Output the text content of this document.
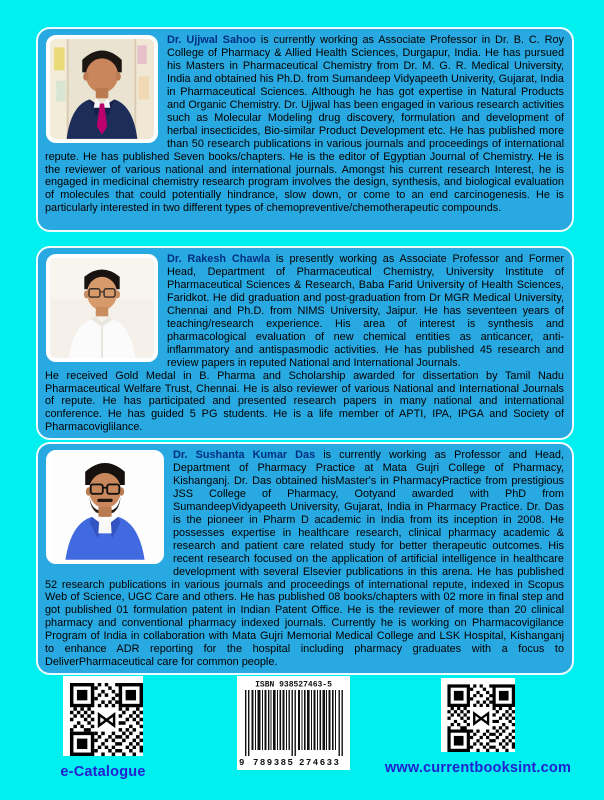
Dr. Ujjwal Sahoo is currently working as Associate Professor in Dr. B. C. Roy College of Pharmacy & Allied Health Sciences, Durgapur, India. He has pursued his Masters in Pharmaceutical Chemistry from Dr. M. G. R. Medical University, India and obtained his Ph.D. from Sumandeep Vidyapeeth Univerity, Gujarat, India in Pharmaceutical Sciences. Although he has got expertise in Natural Products and Organic Chemistry. Dr. Ujjwal has been engaged in various research activities such as Molecular Modeling drug discovery, formulation and development of herbal insecticides, Bio-similar Product Development etc. He has published more than 50 research publications in various journals and proceedings of international repute. He has published Seven books/chapters. He is the editor of Egyptian Journal of Chemistry. He is the reviewer of various national and international journals. Amongst his current research Interest, he is engaged in medicinal chemistry research program involves the design, synthesis, and biological evaluation of molecules that could potentially hindrance, slow down, or come to an end carcinogenesis. He is particularly interested in two different types of chemopreventive/chemotherapeutic compounds.

Dr. Rakesh Chawla is presently working as Associate Professor and Former Head, Department of Pharmaceutical Chemistry, University Institute of Pharmaceutical Sciences & Research, Baba Farid University of Health Sciences, Faridkot. He did graduation and post-graduation from Dr MGR Medical University, Chennai and Ph.D. from NIMS University, Jaipur. He has seventeen years of teaching/research experience. His area of interest is synthesis and pharmacological evaluation of new chemical entities as anticancer, anti-inflammatory and antispasmodic activities. He has published 45 research and review papers in reputed National and International Journals.

He received Gold Medal in B. Pharma and Scholarship awarded for dissertation by Tamil Nadu Pharmaceutical Welfare Trust, Chennai. He is also reviewer of various National and International Journals of repute. He has participated and presented research papers in many national and international conference. He has guided 5 PG students. He is a life member of APTI, IPA, IPGA and Society of Pharmacoviglilance.

Dr. Sushanta Kumar Das is currently working as Professor and Head, Department of Pharmacy Practice at Mata Gujri College of Pharmacy, Kishanganj. Dr. Das obtained hisMaster's in PharmacyPractice from prestigious JSS College of Pharmacy, Ootyand awarded with PhD from SumandeepVidyapeeth University, Gujarat, India in Pharmacy Practice. Dr. Das is the pioneer in Pharm D academic in India from its inception in 2008. He possesses expertise in healthcare research, clinical pharmacy academic & research and patient care related study for better therapeutic outcomes. His recent research focused on the application of artificial intelligence in healthcare development with several Elsevier publications in this arena. He has published 52 research publications in various journals and proceedings of international repute, indexed in Scopus Web of Science, UGC Care and others. He has published 08 books/chapters with 02 more in final step and got published 01 formulation patent in Indian Patent Office. He is the reviewer of more than 20 clinical pharmacy and conventional pharmacy indexed journals. Currently he is working on Pharmacovigilance Program of India in collaboration with Mata Gujri Memorial Medical College and LSK Hospital, Kishanganj to enhance ADR reporting for the hospital including pharmacy graduates with a focus to DeliverPharmaceutical care for common people.

e-Catalogue
ISBN 938527463-5
9 789385 274633	www.currentbooksint.com
